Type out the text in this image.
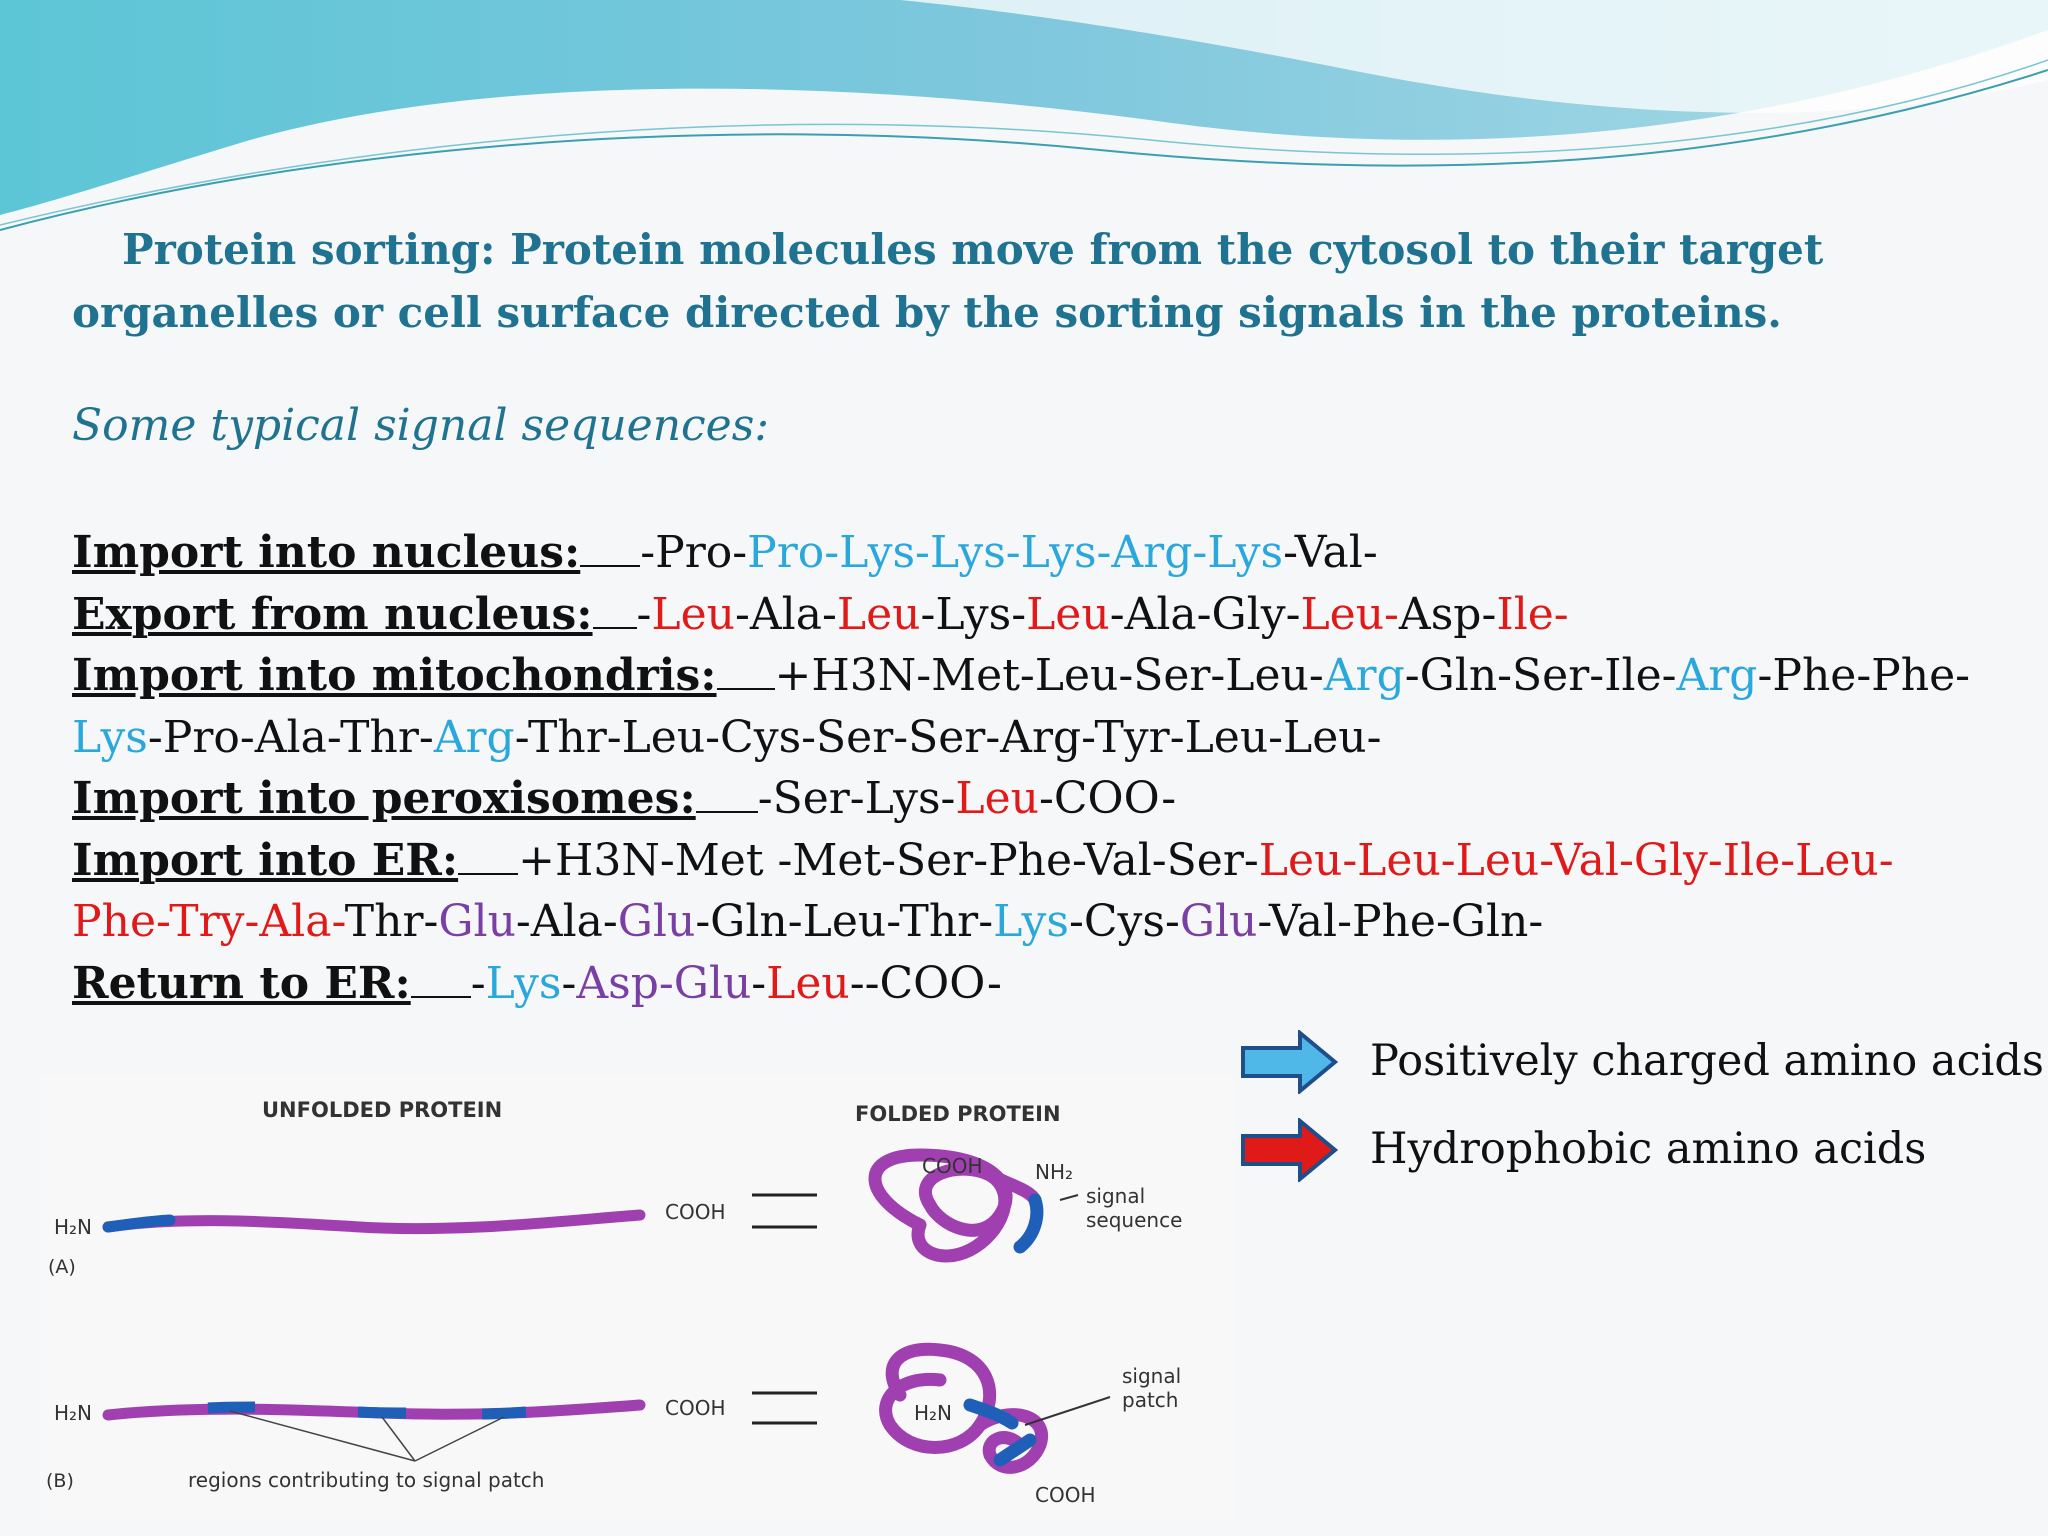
Protein sorting: Protein molecules move from the cytosol to their target organelles or cell surface directed by the sorting signals in the proteins.
Some typical signal sequences:
Import into nucleus: -Pro-Pro-Lys-Lys-Lys-Arg-Lys-Val-
Export from nucleus: -Leu-Ala-Leu-Lys-Leu-Ala-Gly-Leu-Asp-Ile-
Import into mitochondris: +H3N-Met-Leu-Ser-Leu-Arg-Gln-Ser-Ile-Arg-Phe-Phe-
Lys-Pro-Ala-Thr-Arg-Thr-Leu-Cys-Ser-Ser-Arg-Tyr-Leu-Leu-
Import into peroxisomes: -Ser-Lys-Leu-COO-
Import into ER: +H3N-Met -Met-Ser-Phe-Val-Ser-Leu-Leu-Leu-Val-Gly-Ile-Leu-
Phe-Try-Ala-Thr-Glu-Ala-Glu-Gln-Leu-Thr-Lys-Cys-Glu-Val-Phe-Gln-
Return to ER: -Lys-Asp-Glu-Leu--COO-
Positively charged amino acids
Hydrophobic amino acids
UNFOLDED PROTEIN	FOLDED PROTEIN
H₂N
COOH
(A)
COOH	NH₂
signal
sequence
H₂N	COOH
(B)	regions contributing to signal patch
H₂N
COOH
signal
patch
